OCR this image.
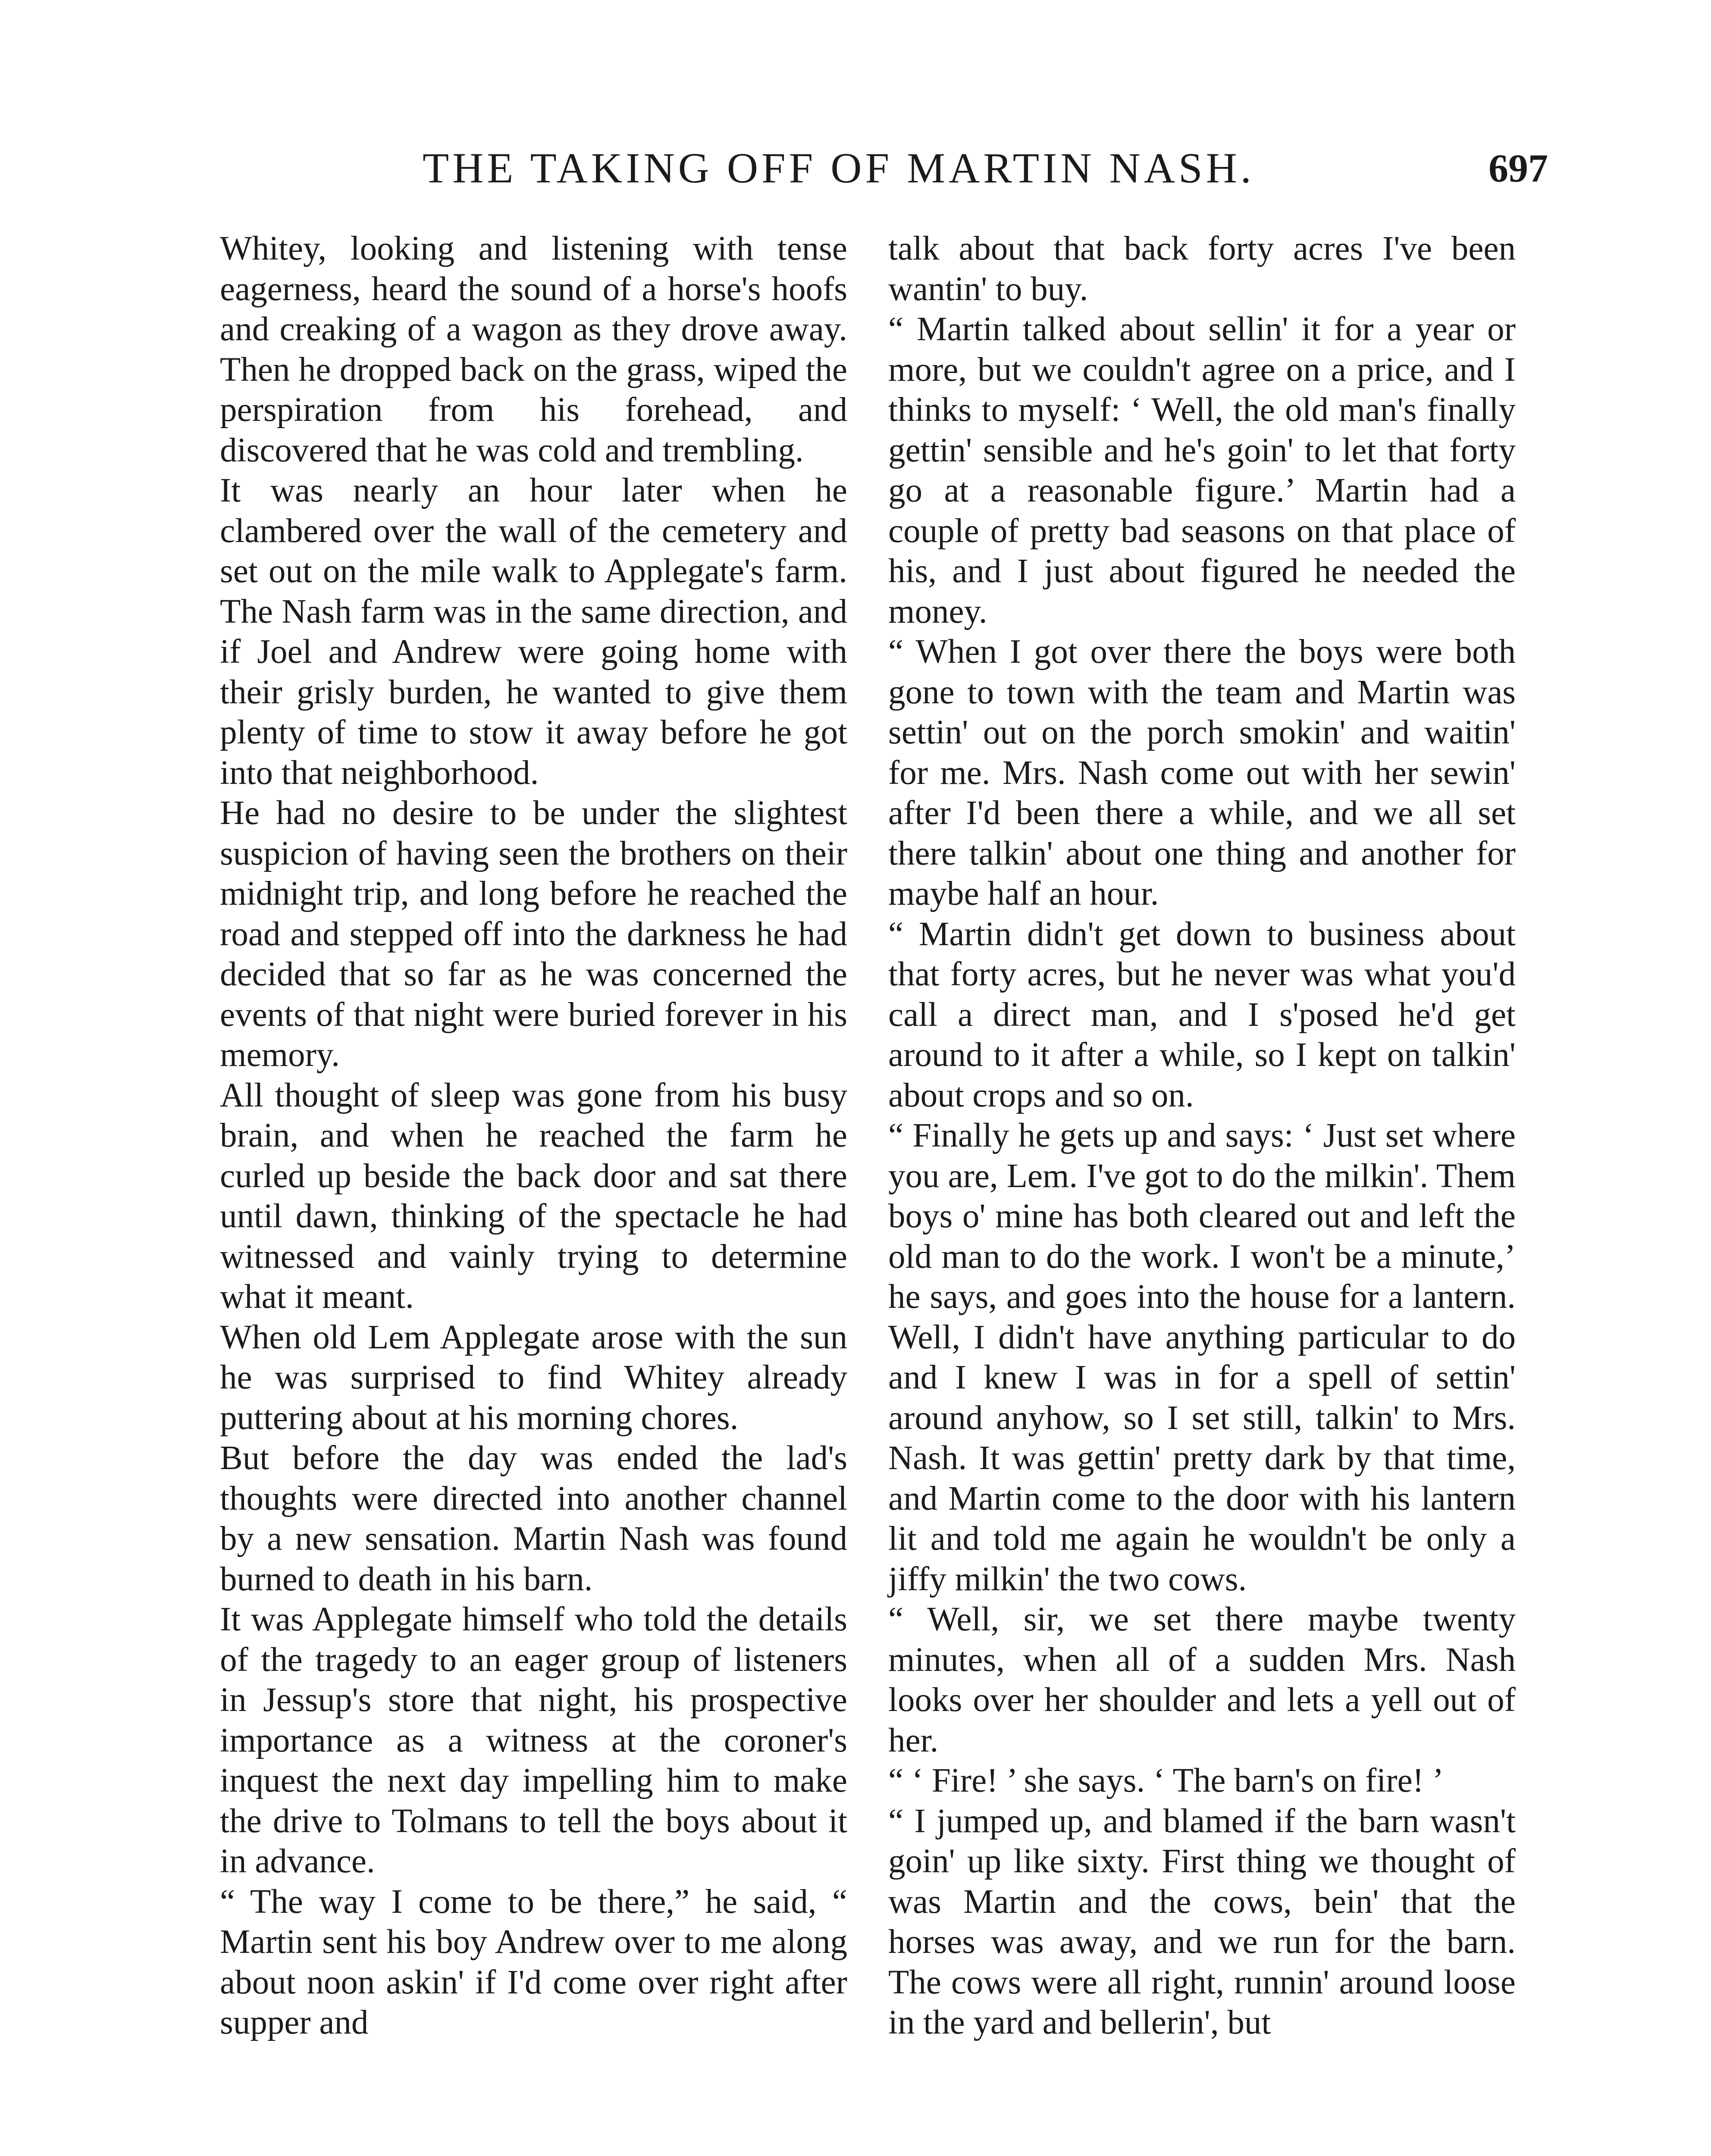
THE TAKING OFF OF MARTIN NASH.	697

Whitey, looking and listening with tense eagerness, heard the sound of a horse's hoofs and creaking of a wagon as they drove away. Then he dropped back on the grass, wiped the perspiration from his forehead, and discovered that he was cold and trembling.

It was nearly an hour later when he clambered over the wall of the cemetery and set out on the mile walk to Applegate's farm. The Nash farm was in the same direction, and if Joel and Andrew were going home with their grisly burden, he wanted to give them plenty of time to stow it away before he got into that neighborhood.

He had no desire to be under the slightest suspicion of having seen the brothers on their midnight trip, and long before he reached the road and stepped off into the darkness he had decided that so far as he was concerned the events of that night were buried forever in his memory.

All thought of sleep was gone from his busy brain, and when he reached the farm he curled up beside the back door and sat there until dawn, thinking of the spectacle he had witnessed and vainly trying to determine what it meant.

When old Lem Applegate arose with the sun he was surprised to find Whitey already puttering about at his morning chores.

But before the day was ended the lad's thoughts were directed into another channel by a new sensation. Martin Nash was found burned to death in his barn.

It was Applegate himself who told the details of the tragedy to an eager group of listeners in Jessup's store that night, his prospective importance as a witness at the coroner's inquest the next day impelling him to make the drive to Tolmans to tell the boys about it in advance.

“ The way I come to be there,” he said, “ Martin sent his boy Andrew over to me along about noon askin' if I'd come over right after supper and

talk about that back forty acres I've been wantin' to buy.

“ Martin talked about sellin' it for a year or more, but we couldn't agree on a price, and I thinks to myself: ‘ Well, the old man's finally gettin' sensible and he's goin' to let that forty go at a reasonable figure.’ Martin had a couple of pretty bad seasons on that place of his, and I just about figured he needed the money.

“ When I got over there the boys were both gone to town with the team and Martin was settin' out on the porch smokin' and waitin' for me. Mrs. Nash come out with her sewin' after I'd been there a while, and we all set there talkin' about one thing and another for maybe half an hour.

“ Martin didn't get down to business about that forty acres, but he never was what you'd call a direct man, and I s'posed he'd get around to it after a while, so I kept on talkin' about crops and so on.

“ Finally he gets up and says: ‘ Just set where you are, Lem. I've got to do the milkin'. Them boys o' mine has both cleared out and left the old man to do the work. I won't be a minute,’ he says, and goes into the house for a lantern. Well, I didn't have anything particular to do and I knew I was in for a spell of settin' around anyhow, so I set still, talkin' to Mrs. Nash. It was gettin' pretty dark by that time, and Martin come to the door with his lantern lit and told me again he wouldn't be only a jiffy milkin' the two cows.

“ Well, sir, we set there maybe twenty minutes, when all of a sudden Mrs. Nash looks over her shoulder and lets a yell out of her.

“ ‘ Fire! ’ she says. ‘ The barn's on fire! ’

“ I jumped up, and blamed if the barn wasn't goin' up like sixty. First thing we thought of was Martin and the cows, bein' that the horses was away, and we run for the barn. The cows were all right, runnin' around loose in the yard and bellerin', but
